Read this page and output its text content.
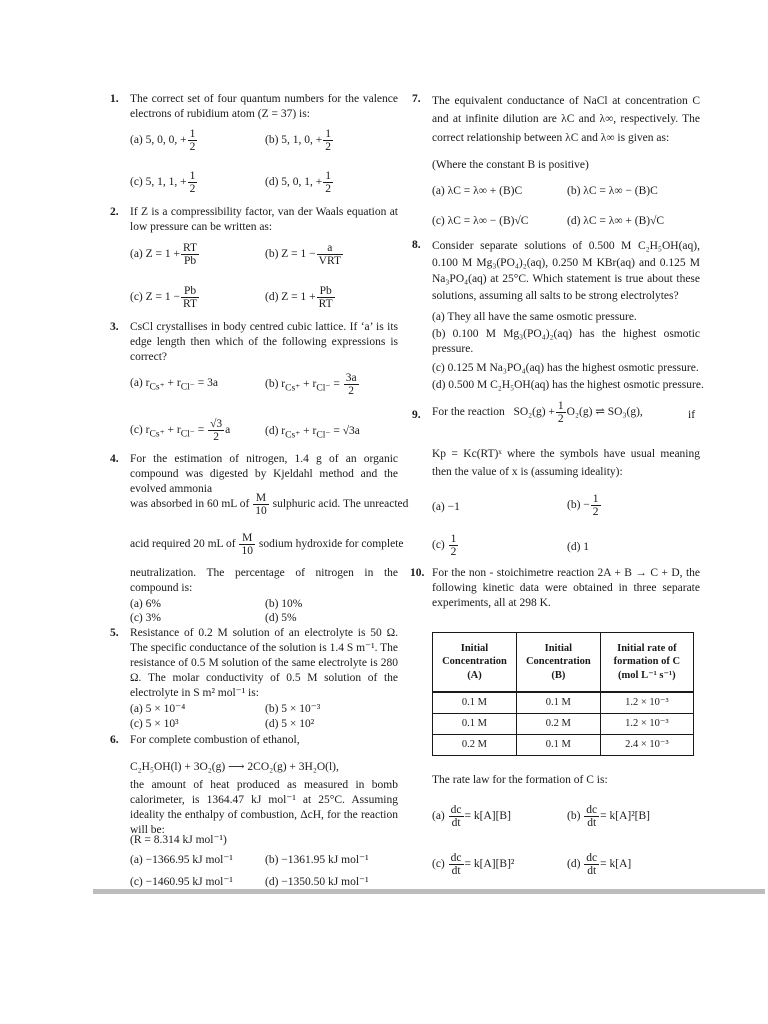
1. The correct set of four quantum numbers for the valence electrons of rubidium atom (Z = 37) is:
(a) 5, 0, 0, + $\frac{1}{2}$	(b) 5, 1, 0, + $\frac{1}{2}$
(c) 5, 1, 1, + $\frac{1}{2}$	(d) 5, 0, 1, + $\frac{1}{2}$
2. If Z is a compressibility factor, van der Waals equation at low pressure can be written as:
(a) $Z = 1 + \frac{RT}{Pb}$	(b) $Z = 1 - \frac{a}{\text{VRT}}$
(c) $Z = 1 - \frac{Pb}{RT}$	(d) $Z = 1 + \frac{Pb}{RT}$
3. CsCl crystallises in body centred cubic lattice. If ‘a’ is its edge length then which of the following expressions is correct?
(a) $r_{Cs^+} + r_{Cl^-} = 3a$	(b) $r_{Cs^+} + r_{Cl^-} = \frac{3a}{2}$
(c) $r_{Cs^+} + r_{Cl^-} = \frac{√3}{2}$ a	(d) $r_{Cs^+} + r_{Cl^-} = √3a$
4. For the estimation of nitrogen, 1.4 g of an organic compound was digested by Kjeldahl method and the evolved ammonia
was absorbed in 60 mL of $\frac{M}{10}$ sulphuric acid. The unreacted
acid required 20 mL of $\frac{M}{10}$ sodium hydroxide for complete
neutralization. The percentage of nitrogen in the compound is:
(a) 6%	(b) 10%
(c) 3%	(d) 5%
5. Resistance of 0.2 M solution of an electrolyte is 50 Ω. The specific conductance of the solution is 1.4 S m⁻¹. The resistance of 0.5 M solution of the same electrolyte is 280 Ω. The molar conductivity of 0.5 M solution of the electrolyte in S m² mol⁻¹ is:
(a) 5 × 10⁻⁴	(b) 5 × 10⁻³
(c) 5 × 10³	(d) 5 × 10²
6. For complete combustion of ethanol,
C₂H₅OH(l) + 3O₂(g) ⟶ 2CO₂(g) + 3H₂O(l),
the amount of heat produced as measured in bomb calorimeter, is 1364.47 kJ mol⁻¹ at 25°C. Assuming ideality the enthalpy of combustion, ΔcH, for the reaction will be:
(R = 8.314 kJ mol⁻¹)
(a) −1366.95 kJ mol⁻¹	(b) −1361.95 kJ mol⁻¹
(c) −1460.95 kJ mol⁻¹	(d) −1350.50 kJ mol⁻¹
7. The equivalent conductance of NaCl at concentration C and at infinite dilution are λC and λ∞, respectively. The correct relationship between λC and λ∞ is given as:
(Where the constant B is positive)
(a) λC = λ∞ + (B)C	(b) λC = λ∞ − (B)C
(c) λC = λ∞ − (B)√C	(d) λC = λ∞ + (B)√C
8. Consider separate solutions of 0.500 M C₂H₅OH(aq), 0.100 M Mg₃(PO₄)₂(aq), 0.250 M KBr(aq) and 0.125 M Na₃PO₄(aq) at 25°C. Which statement is true about these solutions, assuming all salts to be strong electrolytes?
(a) They all have the same osmotic pressure.
(b) 0.100 M Mg₃(PO₄)₂(aq) has the highest osmotic pressure.
(c) 0.125 M Na₃PO₄(aq) has the highest osmotic pressure.
(d) 0.500 M C₂H₅OH(aq) has the highest osmotic pressure.
9. For the reaction $SO_2(g) + \frac{1}{2} O_2(g)$ ⇌ SO₃(g),	if
Kp = Kc(RT)ˣ where the symbols have usual meaning then the value of x is (assuming ideality):
(a) −1	$(b) - \frac{1}{2}$
$(c) \frac{1}{2}$	(d) 1
10. For the non - stoichimetre reaction 2A + B → C + D, the following kinetic data were obtained in three separate experiments, all at 298 K.
Initial Concentration (A)	Initial Concentration (B)	Initial rate of formation of C (mol L⁻¹ s⁻¹)
0.1 M	0.1 M	1.2 × 10⁻³
0.1 M	0.2 M	1.2 × 10⁻³
0.2 M	0.1 M	2.4 × 10⁻³
The rate law for the formation of C is:
$(a) \frac{dc}{dt} = k[A][B]$	$(b) \frac{dc}{dt} = k[A]^2[B]$
$(c) \frac{dc}{dt} = k[A][B]^2$	$(d) \frac{dc}{dt} = k[A]$
